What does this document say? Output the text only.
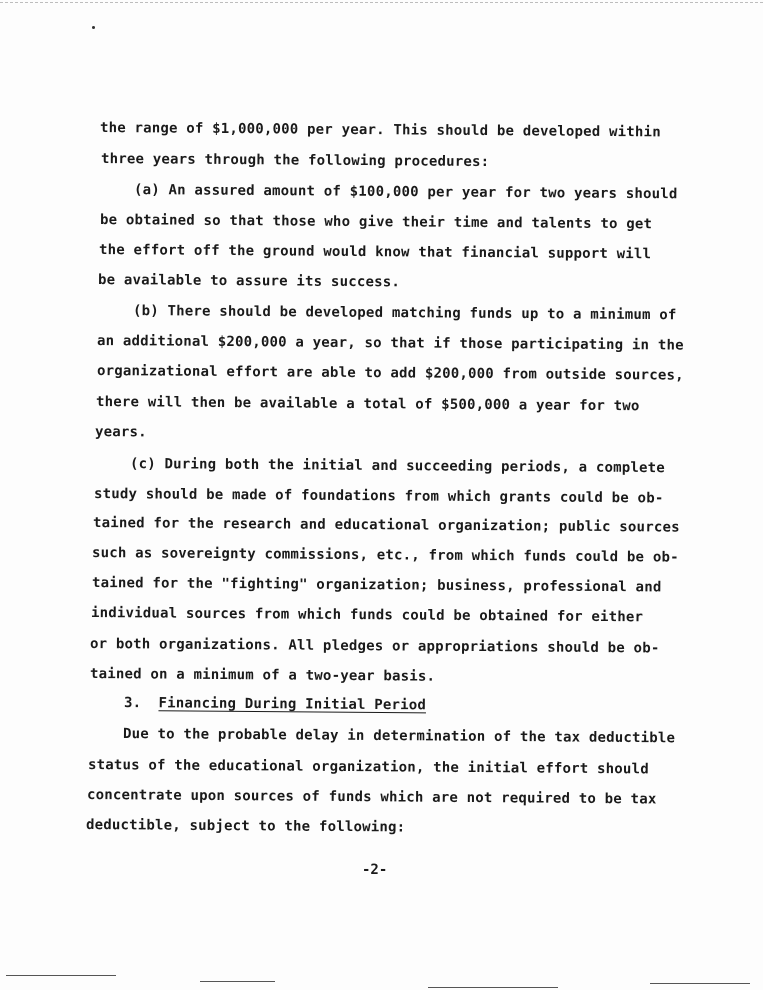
the range of $1,000,000 per year. This should be developed within
three years through the following procedures:
(a) An assured amount of $100,000 per year for two years should
be obtained so that those who give their time and talents to get
the effort off the ground would know that financial support will
be available to assure its success.
(b) There should be developed matching funds up to a minimum of
an additional $200,000 a year, so that if those participating in the
organizational effort are able to add $200,000 from outside sources,
there will then be available a total of $500,000 a year for two
years.
(c) During both the initial and succeeding periods, a complete
study should be made of foundations from which grants could be ob-
tained for the research and educational organization; public sources
such as sovereignty commissions, etc., from which funds could be ob-
tained for the "fighting" organization; business, professional and
individual sources from which funds could be obtained for either
or both organizations. All pledges or appropriations should be ob-
tained on a minimum of a two-year basis.
3. Financing During Initial Period
Due to the probable delay in determination of the tax deductible
status of the educational organization, the initial effort should
concentrate upon sources of funds which are not required to be tax
deductible, subject to the following:
-2-
